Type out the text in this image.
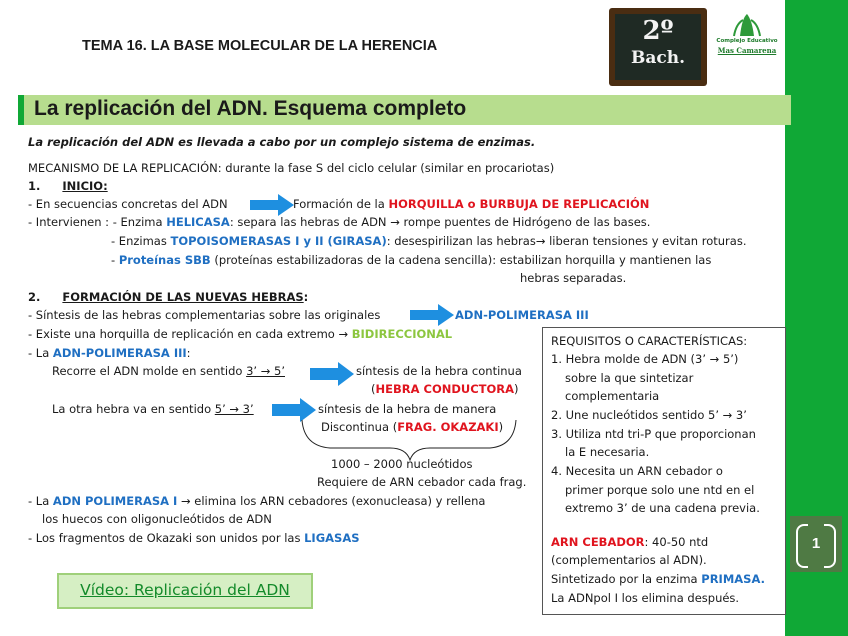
1
2º
Bach.
Complejo Educativo
Mas Camarena
TEMA 16. LA BASE MOLECULAR DE LA HERENCIA
La replicación del ADN. Esquema completo
La replicación del ADN es llevada a cabo por un complejo sistema de enzimas.
MECANISMO DE LA REPLICACIÓN: durante la fase S del ciclo celular (similar en procariotas)
1. INICIO:
- En secuencias concretas del ADN	Formación de la HORQUILLA o BURBUJA DE REPLICACIÓN
- Intervienen : - Enzima HELICASA: separa las hebras de ADN → rompe puentes de Hidrógeno de las bases.
- Enzimas TOPOISOMERASAS I y II (GIRASA): desespirilizan las hebras→ liberan tensiones y evitan roturas.
- Proteínas SBB (proteínas estabilizadoras de la cadena sencilla): estabilizan horquilla y mantienen las
hebras separadas.
2. FORMACIÓN DE LAS NUEVAS HEBRAS:
- Síntesis de las hebras complementarias sobre las originales	ADN-POLIMERASA III
- Existe una horquilla de replicación en cada extremo → BIDIRECCIONAL
- La ADN-POLIMERASA III:
Recorre el ADN molde en sentido 3’ → 5’	síntesis de la hebra continua
(HEBRA CONDUCTORA)
La otra hebra va en sentido 5’ → 3’	síntesis de la hebra de manera
Discontinua (FRAG. OKAZAKI)
1000 – 2000 nucleótidos
Requiere de ARN cebador cada frag.
- La ADN POLIMERASA I → elimina los ARN cebadores (exonucleasa) y rellena
los huecos con oligonucleótidos de ADN
- Los fragmentos de Okazaki son unidos por las LIGASAS
REQUISITOS O CARACTERÍSTICAS:
1. Hebra molde de ADN (3’ → 5’)
sobre la que sintetizar
complementaria
2. Une nucleótidos sentido 5’ → 3’
3. Utiliza ntd tri-P que proporcionan
la E necesaria.
4. Necesita un ARN cebador o
primer porque solo une ntd en el
extremo 3’ de una cadena previa.
ARN CEBADOR: 40-50 ntd
(complementarios al ADN).
Sintetizado por la enzima PRIMASA.
La ADNpol I los elimina después.
Vídeo: Replicación del ADN
